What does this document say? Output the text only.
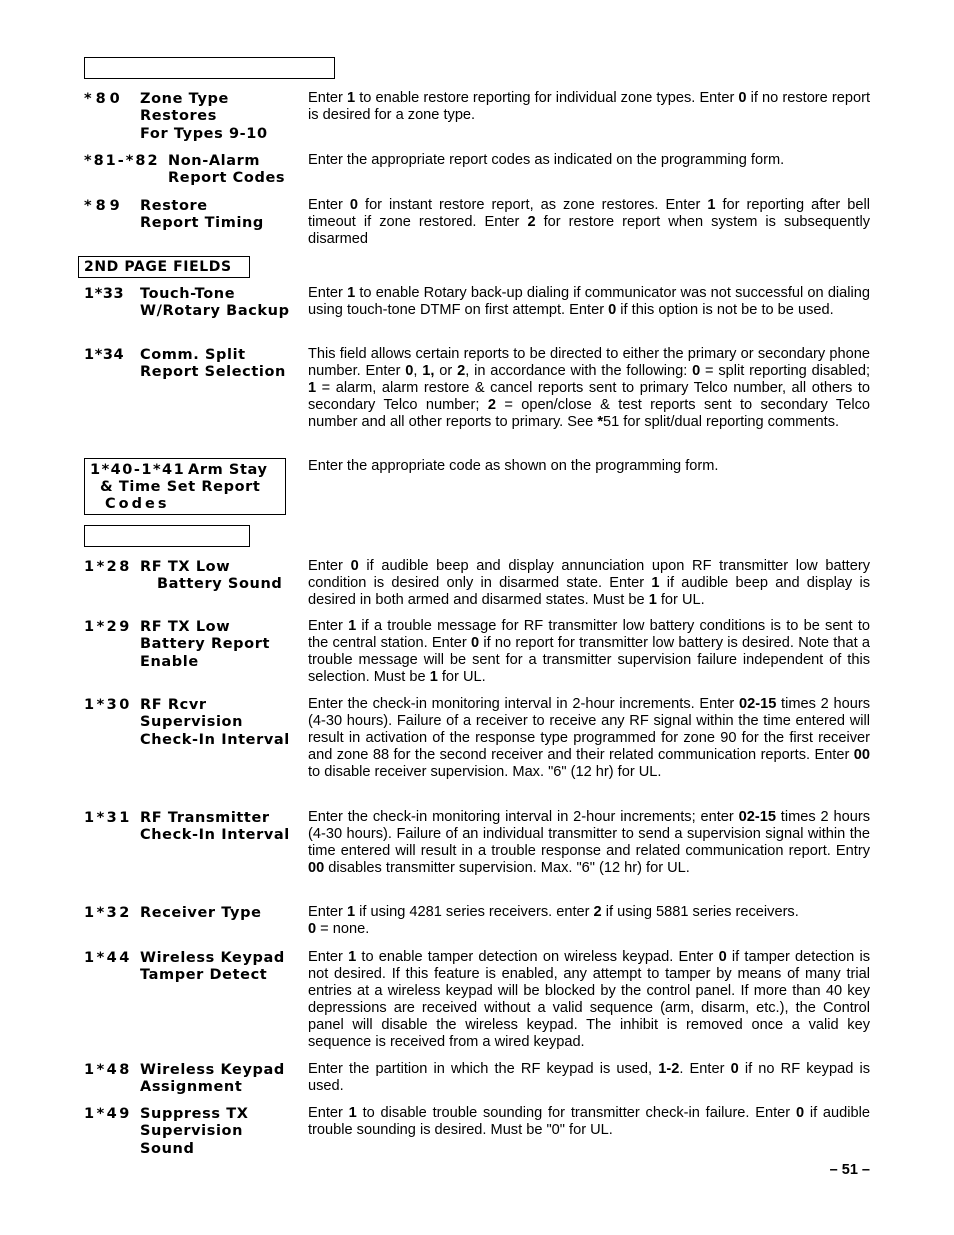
2ND PAGE FIELDS
1*40-1*41 Arm Stay
& Time Set Report
Codes
*80 Zone Type
Restores
For Types 9-10
Enter 1 to enable restore reporting for individual zone types. Enter 0 if no restore report is desired for a zone type.
*81-*82 Non-Alarm
Report Codes
Enter the appropriate report codes as indicated on the programming form.
*89 Restore
Report Timing
Enter 0 for instant restore report, as zone restores. Enter 1 for reporting after bell timeout if zone restored. Enter 2 for restore report when system is subsequently disarmed
1*33 Touch-Tone
W/Rotary Backup
Enter 1 to enable Rotary back-up dialing if communicator was not successful on dialing using touch-tone DTMF on first attempt. Enter 0 if this option is not be to be used.
1*34 Comm. Split
Report Selection
This field allows certain reports to be directed to either the primary or secondary phone number. Enter 0, 1, or 2, in accordance with the following: 0 = split reporting disabled; 1 = alarm, alarm restore & cancel reports sent to primary Telco number, all others to secondary Telco number; 2 = open/close & test reports sent to secondary Telco number and all other reports to primary. See *51 for split/dual reporting comments.
Enter the appropriate code as shown on the programming form.
1*28 RF TX Low
Battery Sound
Enter 0 if audible beep and display annunciation upon RF transmitter low battery condition is desired only in disarmed state. Enter 1 if audible beep and display is desired in both armed and disarmed states. Must be 1 for UL.
1*29 RF TX Low
Battery Report
Enable
Enter 1 if a trouble message for RF transmitter low battery conditions is to be sent to the central station. Enter 0 if no report for transmitter low battery is desired. Note that a trouble message will be sent for a transmitter supervision failure independent of this selection. Must be 1 for UL.
1*30 RF Rcvr
Supervision
Check-In Interval
Enter the check-in monitoring interval in 2-hour increments. Enter 02-15 times 2 hours (4-30 hours). Failure of a receiver to receive any RF signal within the time entered will result in activation of the response type programmed for zone 90 for the first receiver and zone 88 for the second receiver and their related communication reports. Enter 00 to disable receiver supervision. Max. "6" (12 hr) for UL.
1*31 RF Transmitter
Check-In Interval
Enter the check-in monitoring interval in 2-hour increments; enter 02-15 times 2 hours (4-30 hours). Failure of an individual transmitter to send a supervision signal within the time entered will result in a trouble response and related communication report. Entry 00 disables transmitter supervision. Max. "6" (12 hr) for UL.
1*32 Receiver Type	Enter 1 if using 4281 series receivers. enter 2 if using 5881 series receivers.
0 = none.
1*44 Wireless Keypad
Tamper Detect
Enter 1 to enable tamper detection on wireless keypad. Enter 0 if tamper detection is not desired. If this feature is enabled, any attempt to tamper by means of many trial entries at a wireless keypad will be blocked by the control panel. If more than 40 key depressions are received without a valid sequence (arm, disarm, etc.), the Control panel will disable the wireless keypad. The inhibit is removed once a valid key sequence is received from a wired keypad.
1*48 Wireless Keypad
Assignment
Enter the partition in which the RF keypad is used, 1-2. Enter 0 if no RF keypad is used.
1*49 Suppress TX
Supervision
Sound
Enter 1 to disable trouble sounding for transmitter check-in failure. Enter 0 if audible trouble sounding is desired. Must be "0" for UL.
– 51 –
